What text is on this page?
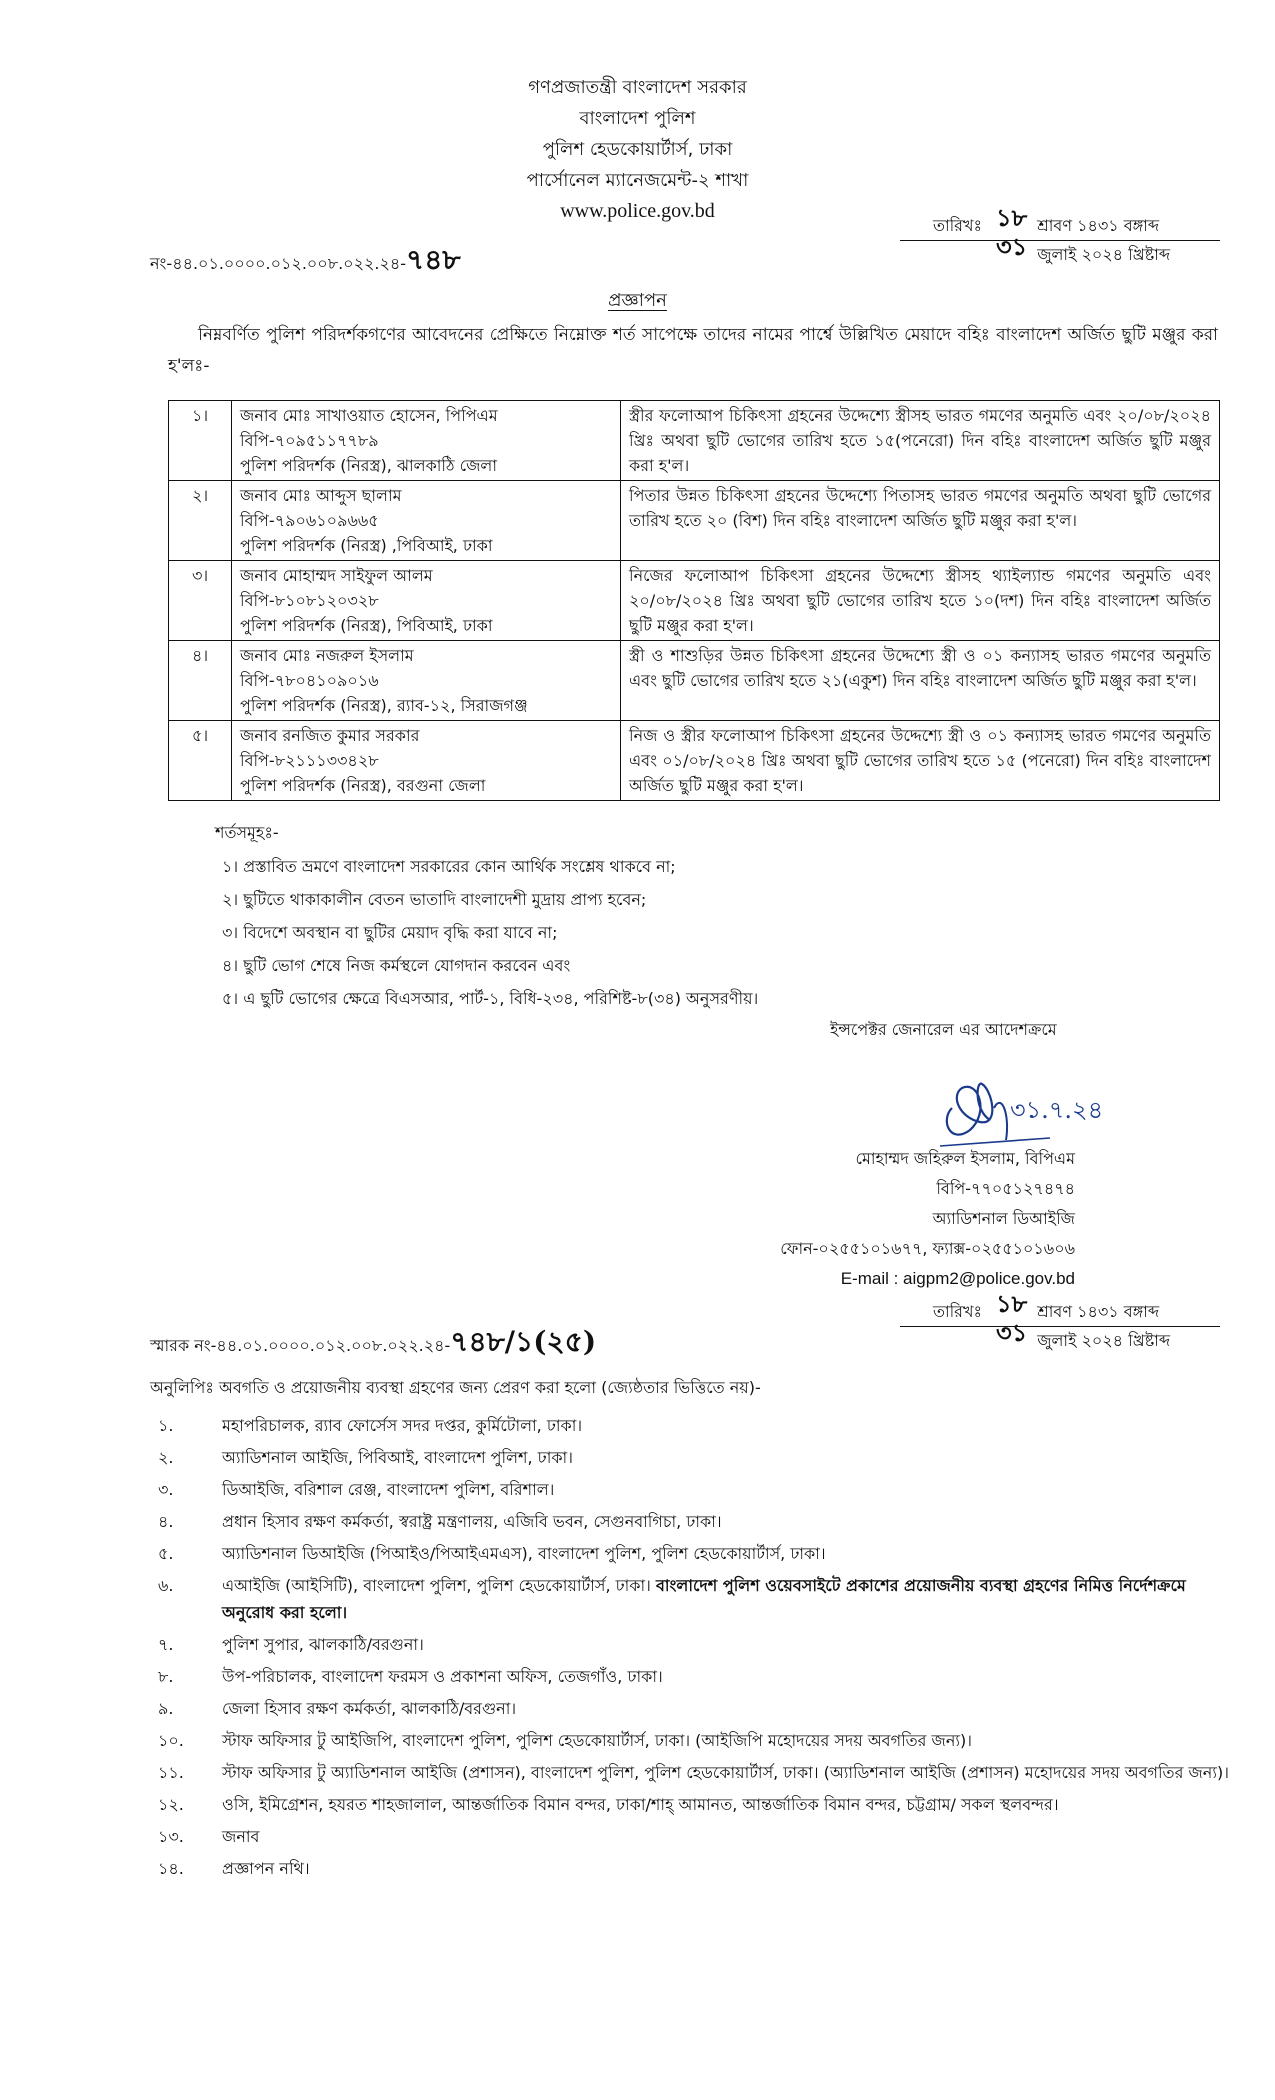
গণপ্রজাতন্ত্রী বাংলাদেশ সরকার
বাংলাদেশ পুলিশ
পুলিশ হেডকোয়ার্টার্স, ঢাকা
পার্সোনেল ম্যানেজমেন্ট-২ শাখা
www.police.gov.bd
নং-৪৪.০১.০০০০.০১২.০০৮.০২২.২৪-৭৪৮
তারিখঃ ১৮ শ্রাবণ ১৪৩১ বঙ্গাব্দ
৩১ জুলাই ২০২৪ খ্রিষ্টাব্দ
প্রজ্ঞাপন
নিম্নবর্ণিত পুলিশ পরিদর্শকগণের আবেদনের প্রেক্ষিতে নিম্নোক্ত শর্ত সাপেক্ষে তাদের নামের পার্শ্বে উল্লিখিত মেয়াদে বহিঃ বাংলাদেশ অর্জিত ছুটি মঞ্জুর করা হ'লঃ-
১।	জনাব মোঃ সাখাওয়াত হোসেন, পিপিএম
বিপি-৭০৯৫১১৭৭৮৯
পুলিশ পরিদর্শক (নিরস্ত্র), ঝালকাঠি জেলা	স্ত্রীর ফলোআপ চিকিৎসা গ্রহনের উদ্দেশ্যে স্ত্রীসহ ভারত গমণের অনুমতি এবং ২০/০৮/২০২৪ খ্রিঃ অথবা ছুটি ভোগের তারিখ হতে ১৫(পনেরো) দিন বহিঃ বাংলাদেশ অর্জিত ছুটি মঞ্জুর করা হ'ল।
২।	জনাব মোঃ আব্দুস ছালাম
বিপি-৭৯০৬১০৯৬৬৫
পুলিশ পরিদর্শক (নিরস্ত্র) ,পিবিআই, ঢাকা	পিতার উন্নত চিকিৎসা গ্রহনের উদ্দেশ্যে পিতাসহ ভারত গমণের অনুমতি অথবা ছুটি ভোগের তারিখ হতে ২০ (বিশ) দিন বহিঃ বাংলাদেশ অর্জিত ছুটি মঞ্জুর করা হ'ল।
৩।	জনাব মোহাম্মদ সাইফুল আলম
বিপি-৮১০৮১২০৩২৮
পুলিশ পরিদর্শক (নিরস্ত্র), পিবিআই, ঢাকা	নিজের ফলোআপ চিকিৎসা গ্রহনের উদ্দেশ্যে স্ত্রীসহ থ্যাইল্যান্ড গমণের অনুমতি এবং ২০/০৮/২০২৪ খ্রিঃ অথবা ছুটি ভোগের তারিখ হতে ১০(দশ) দিন বহিঃ বাংলাদেশ অর্জিত ছুটি মঞ্জুর করা হ'ল।
৪।	জনাব মোঃ নজরুল ইসলাম
বিপি-৭৮০৪১০৯০১৬
পুলিশ পরিদর্শক (নিরস্ত্র), র‍্যাব-১২, সিরাজগঞ্জ	স্ত্রী ও শাশুড়ির উন্নত চিকিৎসা গ্রহনের উদ্দেশ্যে স্ত্রী ও ০১ কন্যাসহ ভারত গমণের অনুমতি এবং ছুটি ভোগের তারিখ হতে ২১(একুশ) দিন বহিঃ বাংলাদেশ অর্জিত ছুটি মঞ্জুর করা হ'ল।
৫।	জনাব রনজিত কুমার সরকার
বিপি-৮২১১১৩৩৪২৮
পুলিশ পরিদর্শক (নিরস্ত্র), বরগুনা জেলা	নিজ ও স্ত্রীর ফলোআপ চিকিৎসা গ্রহনের উদ্দেশ্যে স্ত্রী ও ০১ কন্যাসহ ভারত গমণের অনুমতি এবং ০১/০৮/২০২৪ খ্রিঃ অথবা ছুটি ভোগের তারিখ হতে ১৫ (পনেরো) দিন বহিঃ বাংলাদেশ অর্জিত ছুটি মঞ্জুর করা হ'ল।
শর্তসমূহঃ-
১। প্রস্তাবিত ভ্রমণে বাংলাদেশ সরকারের কোন আর্থিক সংশ্লেষ থাকবে না;
২। ছুটিতে থাকাকালীন বেতন ভাতাদি বাংলাদেশী মুদ্রায় প্রাপ্য হবেন;
৩। বিদেশে অবস্থান বা ছুটির মেয়াদ বৃদ্ধি করা যাবে না;
৪। ছুটি ভোগ শেষে নিজ কর্মস্থলে যোগদান করবেন এবং
৫। এ ছুটি ভোগের ক্ষেত্রে বিএসআর, পার্ট-১, বিধি-২৩৪, পরিশিষ্ট-৮(৩৪) অনুসরণীয়।
ইন্সপেক্টর জেনারেল এর আদেশক্রমে
৩১.৭.২৪
মোহাম্মদ জহিরুল ইসলাম, বিপিএম
বিপি-৭৭০৫১২৭৪৭৪
অ্যাডিশনাল ডিআইজি
ফোন-০২৫৫১০১৬৭৭, ফ্যাক্স-০২৫৫১০১৬০৬
E-mail : aigpm2@police.gov.bd
স্মারক নং-৪৪.০১.০০০০.০১২.০০৮.০২২.২৪-৭৪৮/১(২৫)
তারিখঃ ১৮ শ্রাবণ ১৪৩১ বঙ্গাব্দ
৩১ জুলাই ২০২৪ খ্রিষ্টাব্দ
অনুলিপিঃ অবগতি ও প্রয়োজনীয় ব্যবস্থা গ্রহণের জন্য প্রেরণ করা হলো (জ্যেষ্ঠতার ভিত্তিতে নয়)-
১.	মহাপরিচালক, র‍্যাব ফোর্সেস সদর দপ্তর, কুর্মিটোলা, ঢাকা।
২.	অ্যাডিশনাল আইজি, পিবিআই, বাংলাদেশ পুলিশ, ঢাকা।
৩.	ডিআইজি, বরিশাল রেঞ্জ, বাংলাদেশ পুলিশ, বরিশাল।
৪.	প্রধান হিসাব রক্ষণ কর্মকর্তা, স্বরাষ্ট্র মন্ত্রণালয়, এজিবি ভবন, সেগুনবাগিচা, ঢাকা।
৫.	অ্যাডিশনাল ডিআইজি (পিআইও/পিআইএমএস), বাংলাদেশ পুলিশ, পুলিশ হেডকোয়ার্টার্স, ঢাকা।
৬.	এআইজি (আইসিটি), বাংলাদেশ পুলিশ, পুলিশ হেডকোয়ার্টার্স, ঢাকা। বাংলাদেশ পুলিশ ওয়েবসাইটে প্রকাশের প্রয়োজনীয় ব্যবস্থা গ্রহণের নিমিত্ত নির্দেশক্রমে অনুরোধ করা হলো।
৭.	পুলিশ সুপার, ঝালকাঠি/বরগুনা।
৮.	উপ-পরিচালক, বাংলাদেশ ফরমস ও প্রকাশনা অফিস, তেজগাঁও, ঢাকা।
৯.	জেলা হিসাব রক্ষণ কর্মকর্তা, ঝালকাঠি/বরগুনা।
১০. স্টাফ অফিসার টু আইজিপি, বাংলাদেশ পুলিশ, পুলিশ হেডকোয়ার্টার্স, ঢাকা। (আইজিপি মহোদয়ের সদয় অবগতির জন্য)।
১১. স্টাফ অফিসার টু অ্যাডিশনাল আইজি (প্রশাসন), বাংলাদেশ পুলিশ, পুলিশ হেডকোয়ার্টার্স, ঢাকা। (অ্যাডিশনাল আইজি (প্রশাসন) মহোদয়ের সদয় অবগতির জন্য)।
১২. ওসি, ইমিগ্রেশন, হযরত শাহজালাল, আন্তর্জাতিক বিমান বন্দর, ঢাকা/শাহ্ আমানত, আন্তর্জাতিক বিমান বন্দর, চট্টগ্রাম/ সকল স্থলবন্দর।
১৩. জনাব
১৪. প্রজ্ঞাপন নথি।
